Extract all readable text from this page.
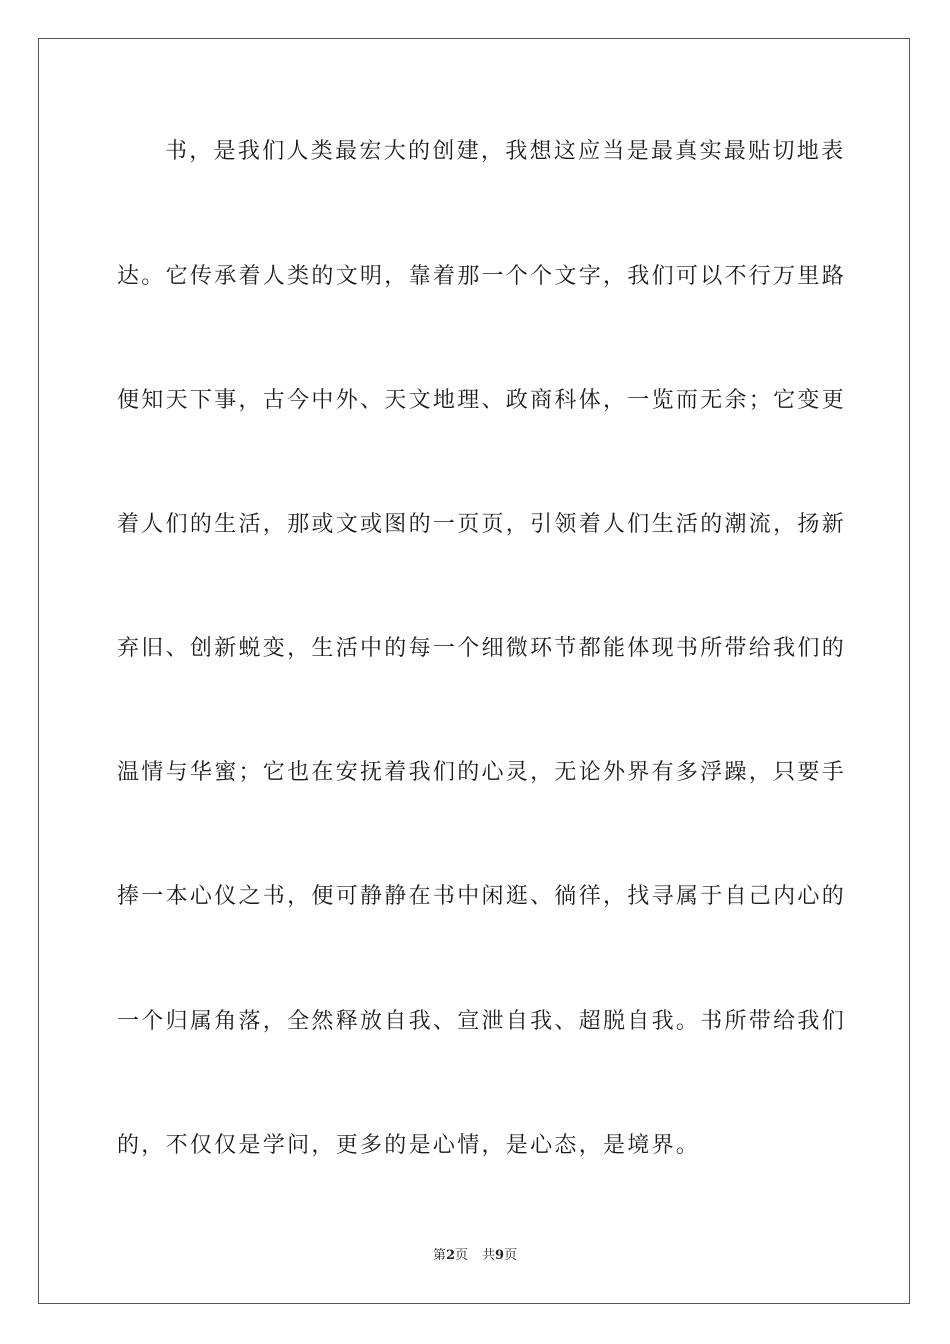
书，是我们人类最宏大的创建，我想这应当是最真实最贴切地表
达。它传承着人类的文明，靠着那一个个文字，我们可以不行万里路
便知天下事，古今中外、天文地理、政商科体，一览而无余；它变更
着人们的生活，那或文或图的一页页，引领着人们生活的潮流，扬新
弃旧、创新蜕变，生活中的每一个细微环节都能体现书所带给我们的
温情与华蜜；它也在安抚着我们的心灵，无论外界有多浮躁，只要手
捧一本心仪之书，便可静静在书中闲逛、徜徉，找寻属于自己内心的
一个归属角落，全然释放自我、宣泄自我、超脱自我。书所带给我们
的，不仅仅是学问，更多的是心情，是心态，是境界。
第2页 共9页
